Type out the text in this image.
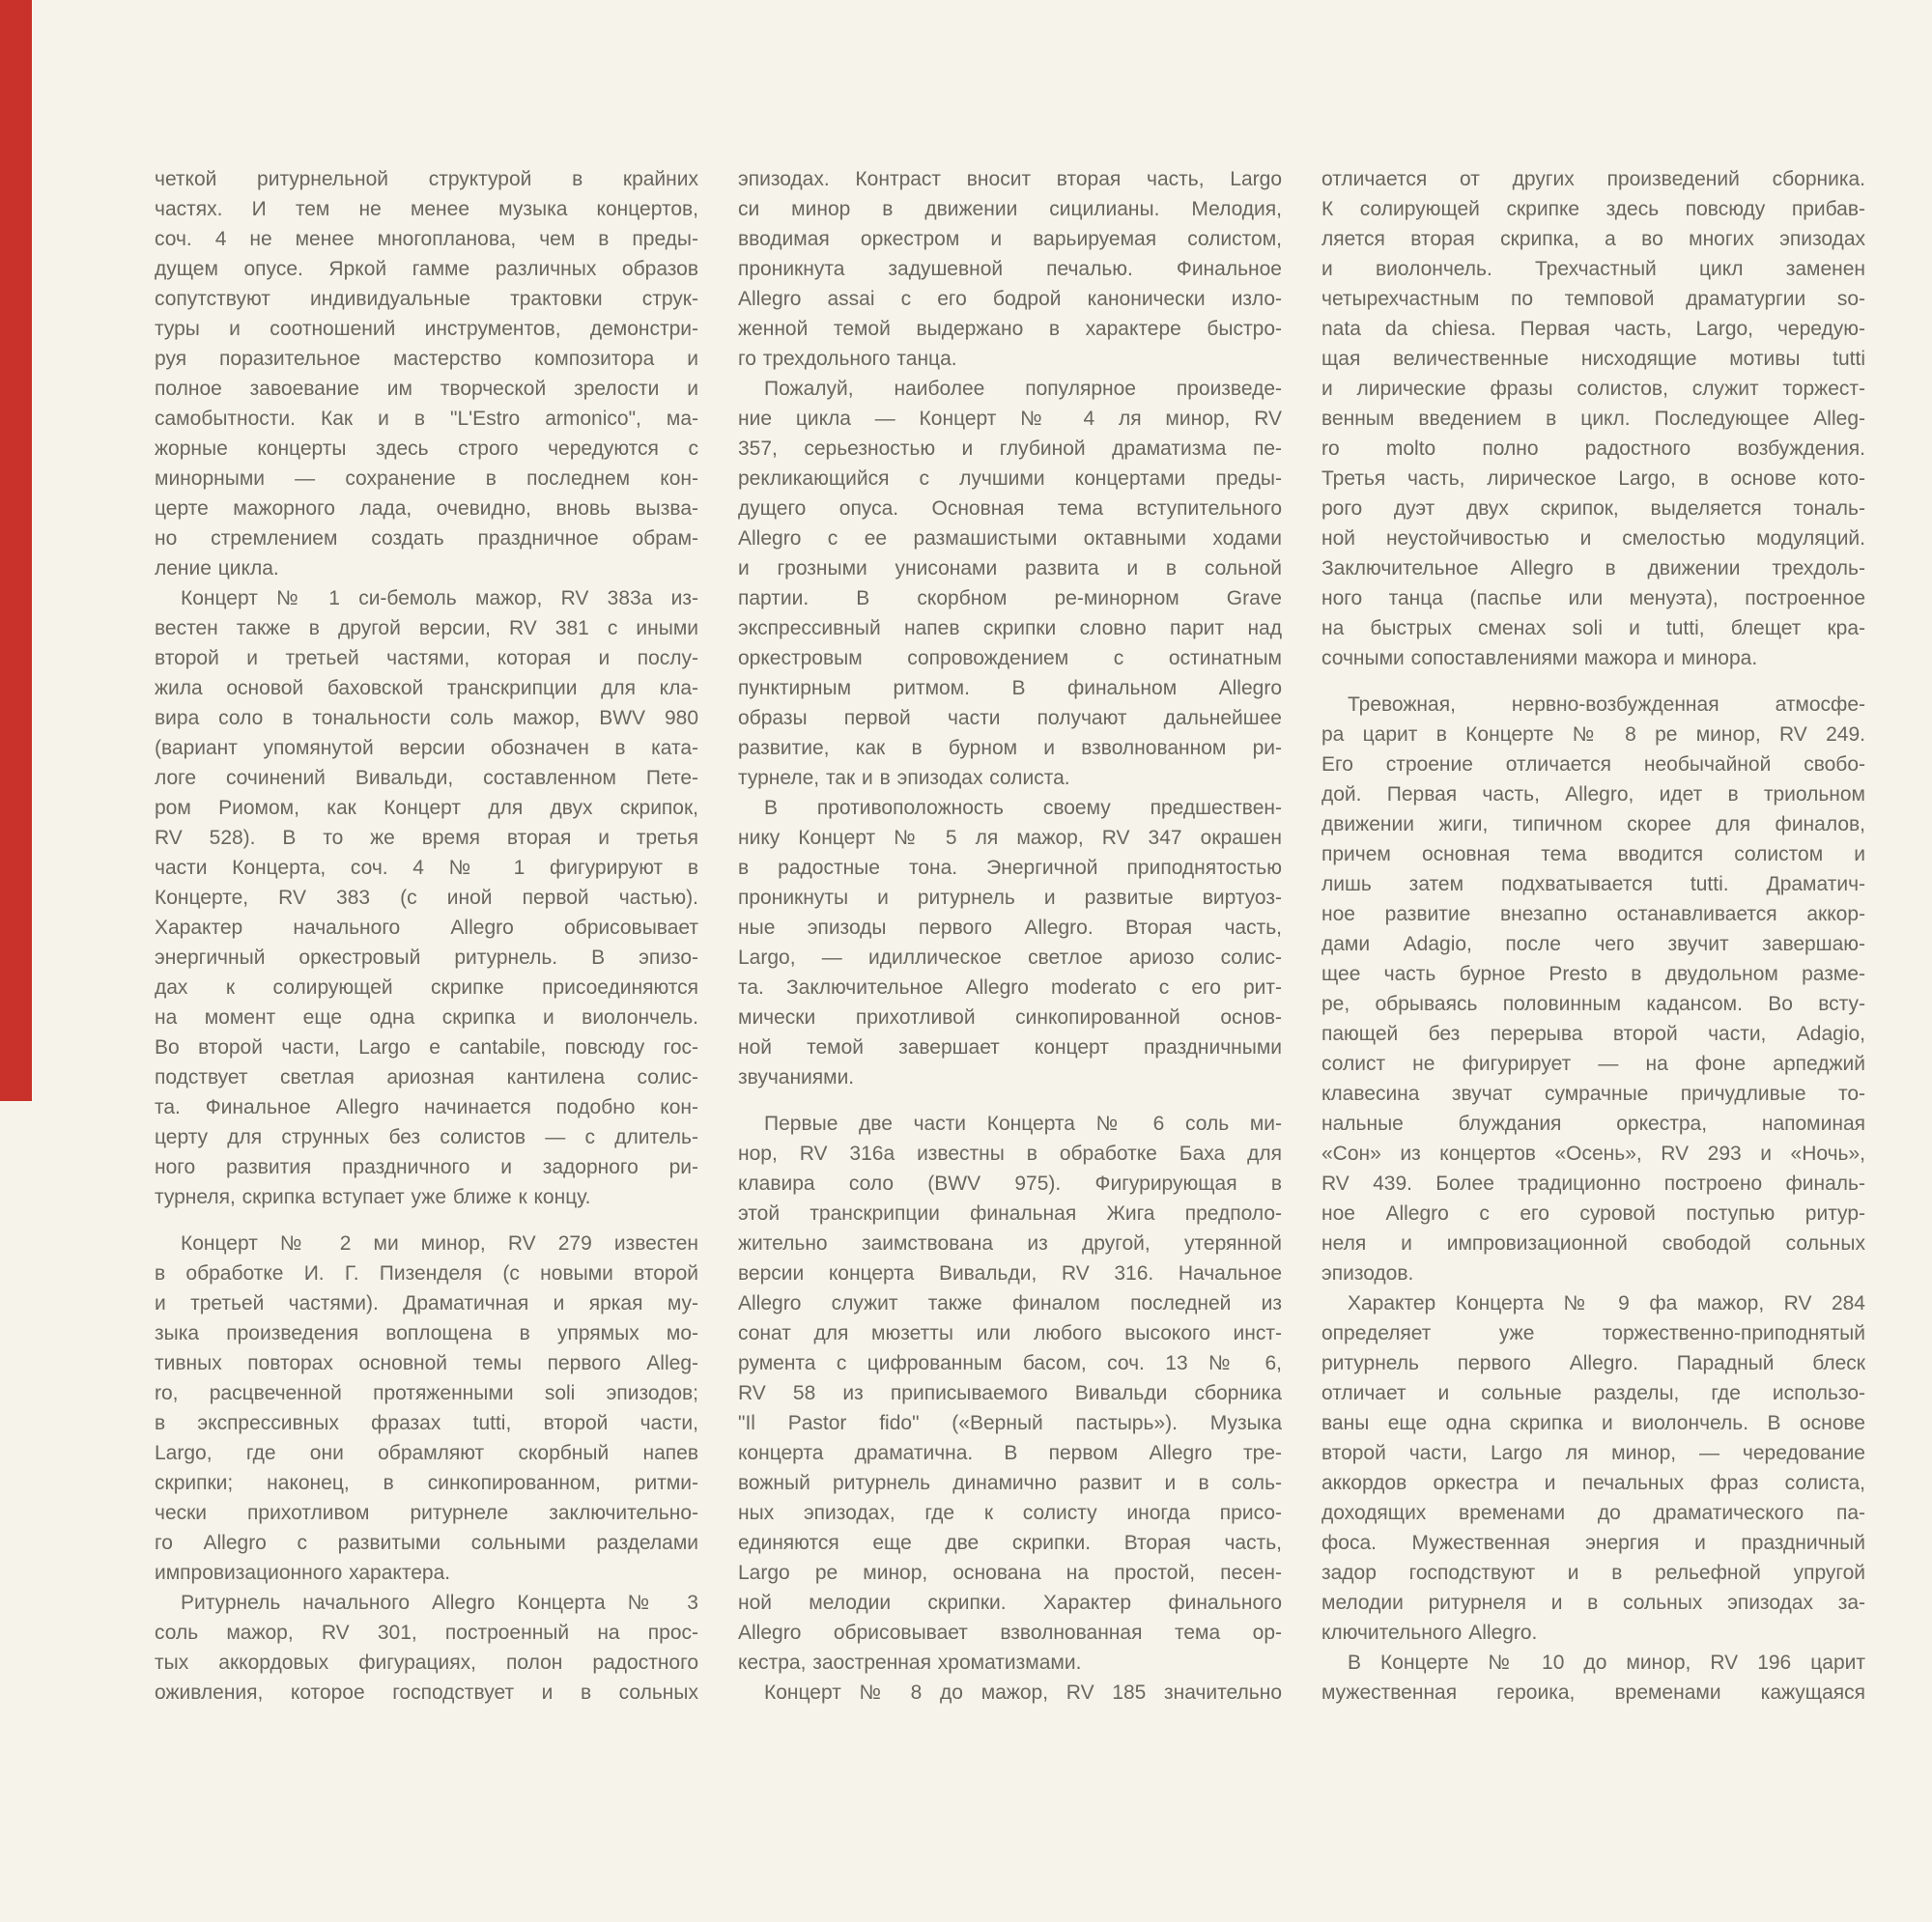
четкой ритурнельной структурой в крайних
частях. И тем не менее музыка концертов,
соч. 4 не менее многопланова, чем в преды-
дущем опусе. Яркой гамме различных образов
сопутствуют индивидуальные трактовки струк-
туры и соотношений инструментов, демонстри-
руя поразительное мастерство композитора и
полное завоевание им творческой зрелости и
самобытности. Как и в "L'Estro armonico", ма-
жорные концерты здесь строго чередуются с
минорными — сохранение в последнем кон-
церте мажорного лада, очевидно, вновь вызва-
но стремлением создать праздничное обрам-
ление цикла.

Концерт № 1 си-бемоль мажор, RV 383a из-
вестен также в другой версии, RV 381 с иными
второй и третьей частями, которая и послу-
жила основой баховской транскрипции для кла-
вира соло в тональности соль мажор, BWV 980
(вариант упомянутой версии обозначен в ката-
логе сочинений Вивальди, составленном Пете-
ром Риомом, как Концерт для двух скрипок,
RV 528). В то же время вторая и третья
части Концерта, соч. 4 № 1 фигурируют в
Концерте, RV 383 (с иной первой частью).
Характер начального Allegro обрисовывает
энергичный оркестровый ритурнель. В эпизо-
дах к солирующей скрипке присоединяются
на момент еще одна скрипка и виолончель.
Во второй части, Largo e cantabile, повсюду гос-
подствует светлая ариозная кантилена солис-
та. Финальное Allegro начинается подобно кон-
церту для струнных без солистов — с длитель-
ного развития праздничного и задорного ри-
турнеля, скрипка вступает уже ближе к концу.

Концерт № 2 ми минор, RV 279 известен
в обработке И. Г. Пизенделя (с новыми второй
и третьей частями). Драматичная и яркая му-
зыка произведения воплощена в упрямых мо-
тивных повторах основной темы первого Alleg-
ro, расцвеченной протяженными soli эпизодов;
в экспрессивных фразах tutti, второй части,
Largo, где они обрамляют скорбный напев
скрипки; наконец, в синкопированном, ритми-
чески прихотливом ритурнеле заключительно-
го Allegro с развитыми сольными разделами
импровизационного характера.

Ритурнель начального Allegro Концерта № 3
соль мажор, RV 301, построенный на прос-
тых аккордовых фигурациях, полон радостного
оживления, которое господствует и в сольных

эпизодах. Контраст вносит вторая часть, Largo
си минор в движении сицилианы. Мелодия,
вводимая оркестром и варьируемая солистом,
проникнута задушевной печалью. Финальное
Allegro assai с его бодрой канонически изло-
женной темой выдержано в характере быстро-
го трехдольного танца.

Пожалуй, наиболее популярное произведе-
ние цикла — Концерт № 4 ля минор, RV
357, серьезностью и глубиной драматизма пе-
рекликающийся с лучшими концертами преды-
дущего опуса. Основная тема вступительного
Allegro с ее размашистыми октавными ходами
и грозными унисонами развита и в сольной
партии. В скорбном ре-минорном Grave
экспрессивный напев скрипки словно парит над
оркестровым сопровождением с остинатным
пунктирным ритмом. В финальном Allegro
образы первой части получают дальнейшее
развитие, как в бурном и взволнованном ри-
турнеле, так и в эпизодах солиста.

В противоположность своему предшествен-
нику Концерт № 5 ля мажор, RV 347 окрашен
в радостные тона. Энергичной приподнятостью
проникнуты и ритурнель и развитые виртуоз-
ные эпизоды первого Allegro. Вторая часть,
Largo, — идиллическое светлое ариозо солис-
та. Заключительное Allegro moderato с его рит-
мически прихотливой синкопированной основ-
ной темой завершает концерт праздничными
звучаниями.

Первые две части Концерта № 6 соль ми-
нор, RV 316a известны в обработке Баха для
клавира соло (BWV 975). Фигурирующая в
этой транскрипции финальная Жига предполо-
жительно заимствована из другой, утерянной
версии концерта Вивальди, RV 316. Начальное
Allegro служит также финалом последней из
сонат для мюзетты или любого высокого инст-
румента с цифрованным басом, соч. 13 № 6,
RV 58 из приписываемого Вивальди сборника
"Il Pastor fido" («Верный пастырь»). Музыка
концерта драматична. В первом Allegro тре-
вожный ритурнель динамично развит и в соль-
ных эпизодах, где к солисту иногда присо-
единяются еще две скрипки. Вторая часть,
Largo ре минор, основана на простой, песен-
ной мелодии скрипки. Характер финального
Allegro обрисовывает взволнованная тема ор-
кестра, заостренная хроматизмами.

Концерт № 8 до мажор, RV 185 значительно

отличается от других произведений сборника.
К солирующей скрипке здесь повсюду прибав-
ляется вторая скрипка, а во многих эпизодах
и виолончель. Трехчастный цикл заменен
четырехчастным по темповой драматургии so-
nata da chiesa. Первая часть, Largo, чередую-
щая величественные нисходящие мотивы tutti
и лирические фразы солистов, служит торжест-
венным введением в цикл. Последующее Alleg-
ro molto полно радостного возбуждения.
Третья часть, лирическое Largo, в основе кото-
рого дуэт двух скрипок, выделяется тональ-
ной неустойчивостью и смелостью модуляций.
Заключительное Allegro в движении трехдоль-
ного танца (паспье или менуэта), построенное
на быстрых сменах soli и tutti, блещет кра-
сочными сопоставлениями мажора и минора.

Тревожная, нервно-возбужденная атмосфе-
ра царит в Концерте № 8 ре минор, RV 249.
Его строение отличается необычайной свобо-
дой. Первая часть, Allegro, идет в триольном
движении жиги, типичном скорее для финалов,
причем основная тема вводится солистом и
лишь затем подхватывается tutti. Драматич-
ное развитие внезапно останавливается аккор-
дами Adagio, после чего звучит завершаю-
щее часть бурное Presto в двудольном разме-
ре, обрываясь половинным кадансом. Во всту-
пающей без перерыва второй части, Adagio,
солист не фигурирует — на фоне арпеджий
клавесина звучат сумрачные причудливые то-
нальные блуждания оркестра, напоминая
«Сон» из концертов «Осень», RV 293 и «Ночь»,
RV 439. Более традиционно построено финаль-
ное Allegro с его суровой поступью ритур-
неля и импровизационной свободой сольных
эпизодов.

Характер Концерта № 9 фа мажор, RV 284
определяет уже торжественно-приподнятый
ритурнель первого Allegro. Парадный блеск
отличает и сольные разделы, где использо-
ваны еще одна скрипка и виолончель. В основе
второй части, Largo ля минор, — чередование
аккордов оркестра и печальных фраз солиста,
доходящих временами до драматического па-
фоса. Мужественная энергия и праздничный
задор господствуют и в рельефной упругой
мелодии ритурнеля и в сольных эпизодах за-
ключительного Allegro.

В Концерте № 10 до минор, RV 196 царит
мужественная героика, временами кажущаяся
